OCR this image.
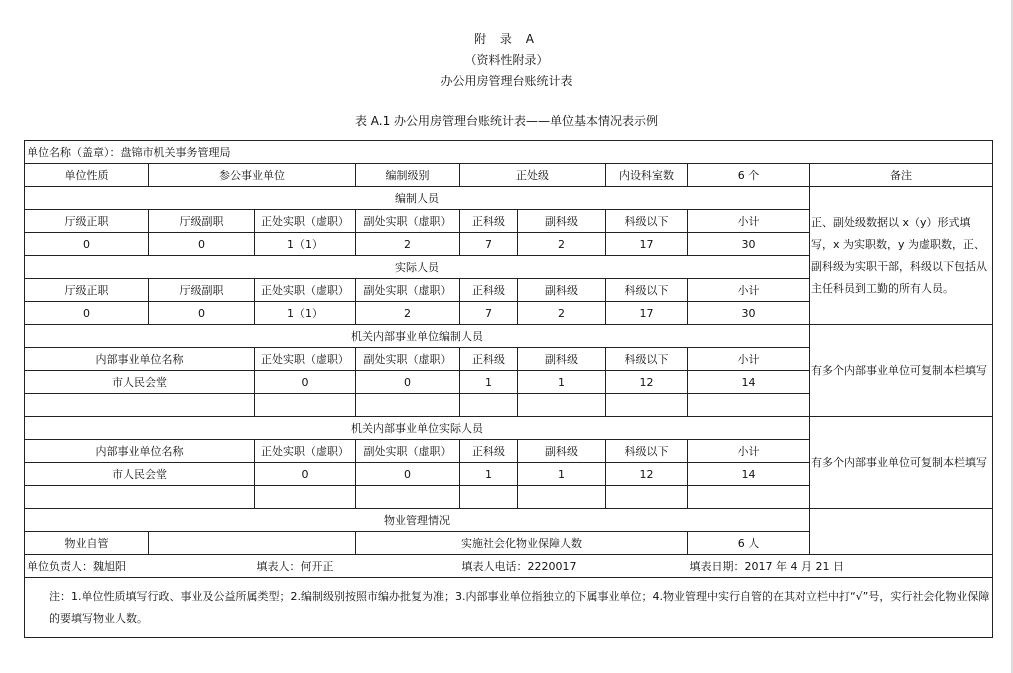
附 录 A
（资料性附录）
办公用房管理台账统计表
表 A.1 办公用房管理台账统计表——单位基本情况表示例
单位名称（盖章）：盘锦市机关事务管理局								
单位性质	参公事业单位		编制级别	正处级		内设科室数	6 个	备注
编制人员								正、副处级数据以 x（y）形式填写，x 为实职数，y 为虚职数，正、副科级为实职干部，科级以下包括从主任科员到工勤的所有人员。
厅级正职	厅级副职	正处实职（虚职）	副处实职（虚职）	正科级	副科级	科级以下	小计	
0	0	1（1）	2	7	2	17	30	
实际人员								
厅级正职	厅级副职	正处实职（虚职）	副处实职（虚职）	正科级	副科级	科级以下	小计	
0	0	1（1）	2	7	2	17	30	
机关内部事业单位编制人员								有多个内部事业单位可复制本栏填写
内部事业单位名称		正处实职（虚职）	副处实职（虚职）	正科级	副科级	科级以下	小计	
市人民会堂		0	0	1	1	12	14	

机关内部事业单位实际人员								有多个内部事业单位可复制本栏填写
内部事业单位名称		正处实职（虚职）	副处实职（虚职）	正科级	副科级	科级以下	小计	
市人民会堂		0	0	1	1	12	14	

物业管理情况								
物业自管			实施社会化物业保障人数				6 人	
单位负责人：魏旭阳		填表人：何开正		填表人电话：2220017			填表日期：2017 年 4 月 21 日	
注：1.单位性质填写行政、事业及公益所属类型；2.编制级别按照市编办批复为准；3.内部事业单位指独立的下属事业单位；4.物业管理中实行自管的在其对立栏中打“√”号，实行社会化物业保障的要填写物业人数。								
